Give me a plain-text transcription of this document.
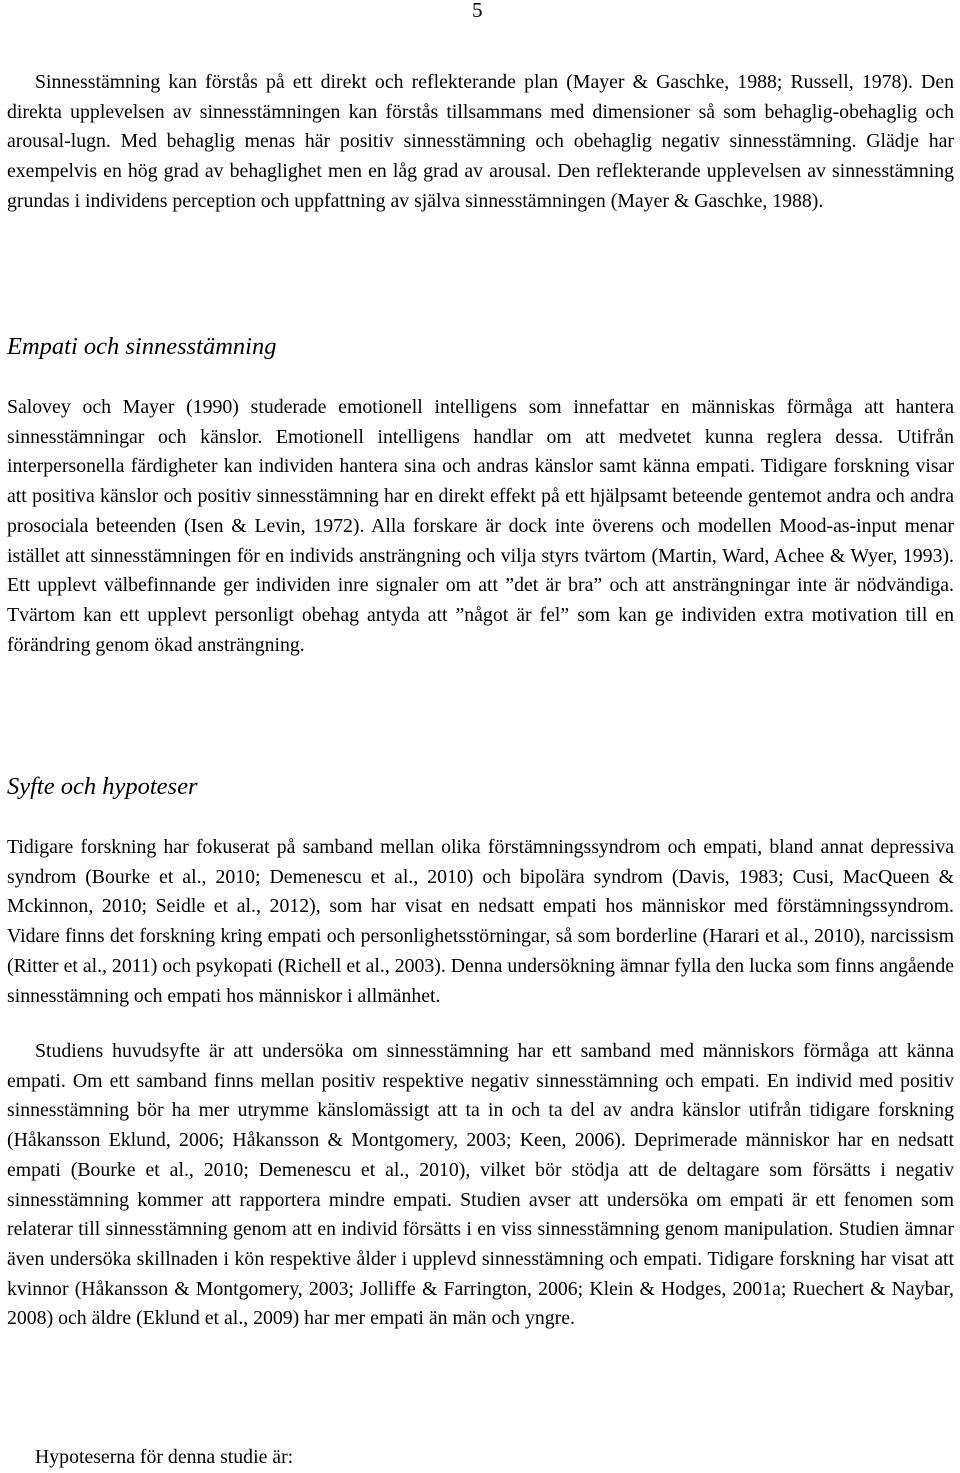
5

Sinnesstämning kan förstås på ett direkt och reflekterande plan (Mayer & Gaschke, 1988; Russell, 1978). Den direkta upplevelsen av sinnesstämningen kan förstås tillsammans med dimensioner så som behaglig-obehaglig och arousal-lugn. Med behaglig menas här positiv sinnesstämning och obehaglig negativ sinnesstämning. Glädje har exempelvis en hög grad av behaglighet men en låg grad av arousal. Den reflekterande upplevelsen av sinnesstämning grundas i individens perception och uppfattning av själva sinnesstämningen (Mayer & Gaschke, 1988).

Empati och sinnesstämning

Salovey och Mayer (1990) studerade emotionell intelligens som innefattar en människas förmåga att hantera sinnesstämningar och känslor. Emotionell intelligens handlar om att medvetet kunna reglera dessa. Utifrån interpersonella färdigheter kan individen hantera sina och andras känslor samt känna empati. Tidigare forskning visar att positiva känslor och positiv sinnesstämning har en direkt effekt på ett hjälpsamt beteende gentemot andra och andra prosociala beteenden (Isen & Levin, 1972). Alla forskare är dock inte överens och modellen Mood-as-input menar istället att sinnesstämningen för en individs ansträngning och vilja styrs tvärtom (Martin, Ward, Achee & Wyer, 1993). Ett upplevt välbefinnande ger individen inre signaler om att ”det är bra” och att ansträngningar inte är nödvändiga. Tvärtom kan ett upplevt personligt obehag antyda att ”något är fel” som kan ge individen extra motivation till en förändring genom ökad ansträngning.

Syfte och hypoteser

Tidigare forskning har fokuserat på samband mellan olika förstämningssyndrom och empati, bland annat depressiva syndrom (Bourke et al., 2010; Demenescu et al., 2010) och bipolära syndrom (Davis, 1983; Cusi, MacQueen & Mckinnon, 2010; Seidle et al., 2012), som har visat en nedsatt empati hos människor med förstämningssyndrom. Vidare finns det forskning kring empati och personlighetsstörningar, så som borderline (Harari et al., 2010), narcissism (Ritter et al., 2011) och psykopati (Richell et al., 2003). Denna undersökning ämnar fylla den lucka som finns angående sinnesstämning och empati hos människor i allmänhet.

Studiens huvudsyfte är att undersöka om sinnesstämning har ett samband med människors förmåga att känna empati. Om ett samband finns mellan positiv respektive negativ sinnesstämning och empati. En individ med positiv sinnesstämning bör ha mer utrymme känslomässigt att ta in och ta del av andra känslor utifrån tidigare forskning (Håkansson Eklund, 2006; Håkansson & Montgomery, 2003; Keen, 2006). Deprimerade människor har en nedsatt empati (Bourke et al., 2010; Demenescu et al., 2010), vilket bör stödja att de deltagare som försätts i negativ sinnesstämning kommer att rapportera mindre empati. Studien avser att undersöka om empati är ett fenomen som relaterar till sinnesstämning genom att en individ försätts i en viss sinnesstämning genom manipulation. Studien ämnar även undersöka skillnaden i kön respektive ålder i upplevd sinnesstämning och empati. Tidigare forskning har visat att kvinnor (Håkansson & Montgomery, 2003; Jolliffe & Farrington, 2006; Klein & Hodges, 2001a; Ruechert & Naybar, 2008) och äldre (Eklund et al., 2009) har mer empati än män och yngre.

Hypoteserna för denna studie är:
